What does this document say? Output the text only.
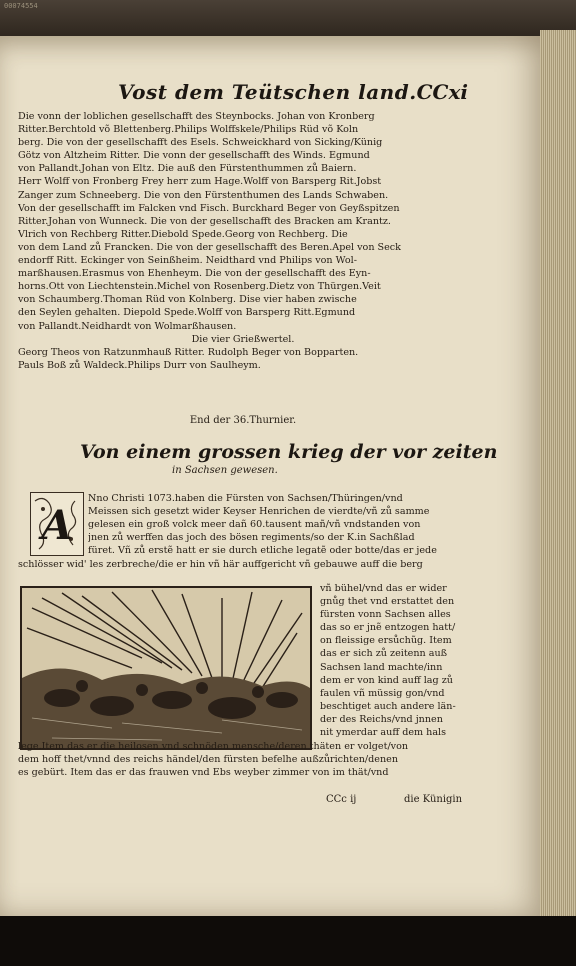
00074554
Vost dem Teütschen land. CCxi
Die vonn der loblichen gesellschafft des Steynbocks. Johan von Kronberg
Ritter.Berchtold võ Blettenberg.Philips Wolffskele/Philips Rüd võ Koln
berg. Die von der gesellschafft des Esels. Schweickhard von Sicking/Künig
Götz von Altzheim Ritter. Die vonn der gesellschafft des Winds. Egmund
von Pallandt.Johan von Eltz. Die auß den Fürstenthummen zů Baiern.
Herr Wolff von Fronberg Frey herr zum Hage.Wolff von Barsperg Rit.Jobst
Zanger zum Schneeberg. Die von den Fürstenthumen des Lands Schwaben.
Von der gesellschafft im Falcken vnd Fisch. Burckhard Beger von Geyßspitzen
Ritter.Johan von Wunneck. Die von der gesellschafft des Bracken am Krantz.
Vlrich von Rechberg Ritter.Diebold Spede.Georg von Rechberg. Die
von dem Land zů Francken. Die von der gesellschafft des Beren.Apel von Seck
endorff Ritt. Eckinger von Seinßheim. Neidthard vnd Philips von Wol-
marßhausen.Erasmus von Ehenheym. Die von der gesellschafft des Eyn-
horns.Ott von Liechtenstein.Michel von Rosenberg.Dietz von Thürgen.Veit
von Schaumberg.Thoman Rüd von Kolnberg. Dise vier haben zwische
den Seylen gehalten. Diepold Spede.Wolff von Barsperg Ritt.Egmund
von Pallandt.Neidhardt von Wolmarßhausen.
Die vier Grießwertel.
Georg Theos von Ratzunmhauß Ritter. Rudolph Beger von Bopparten.
Pauls Boß zů Waldeck.Philips Durr von Saulheym.
End der 36.Thurnier.
Von einem grossen krieg der vor zeiten
in Sachsen gewesen.
A
Nno Christi 1073.haben die Fürsten von Sachsen/Thüringen/vnd
Meissen sich gesetzt wider Keyser Henrichen de vierdte/vñ zů samme
gelesen ein groß volck meer dañ 60.tausent mañ/vñ vndstanden von
jnen zů werffen das joch des bösen regiments/so der K.in Sachßlad
füret. Vñ zů erstẽ hatt er sie durch etliche legatẽ oder botte/das er jede
schlösser wid' les zerbreche/die er hin vñ här auffgericht vñ gebauwe auff die berg
vñ bühel/vnd das er wider
gnůg thet vnd erstattet den
fürsten vonn Sachsen alles
das so er jnẽ entzogen hatt/
on fleissige ersůchũg. Item
das er sich zů zeitenn auß
Sachsen land machte/inn
dem er von kind auff lag zů
faulen vñ müssig gon/vnd
beschtiget auch andere län-
der des Reichs/vnd jnnen
nit ymerdar auff dem hals
lege.Item das er die heilosen vnd schnöden mensche/deren thäten er volget/von
dem hoff thet/vnnd des reichs händel/den fürsten befelhe außzůrichten/denen
es gebürt. Item das er das frauwen vnd Ebs weyber zimmer von im thät/vnd
CCc ij	die Künigin
